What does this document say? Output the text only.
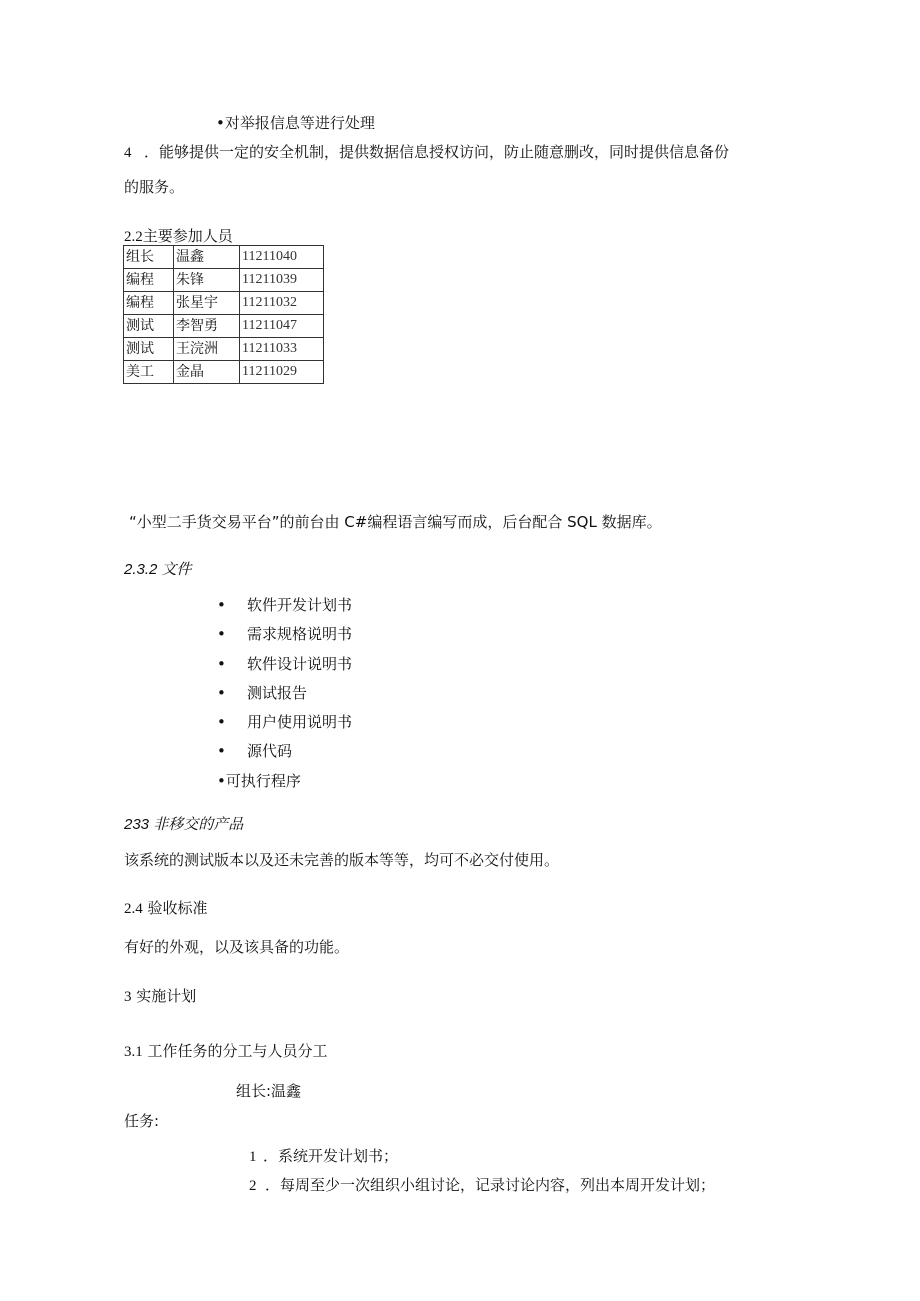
•对举报信息等进行处理
4 ．能够提供一定的安全机制，提供数据信息授权访问，防止随意删改，同时提供信息备份
的服务。
2.2主要参加人员
组长	温鑫	11211040
编程	朱锋	11211039
编程	张星宇	11211032
测试	李智勇	11211047
测试	王浣洲	11211033
美工	金晶	11211029
“小型二手货交易平台”的前台由 C#编程语言编写而成，后台配合 SQL 数据库。
2.3.2 文件
• 软件开发计划书
• 需求规格说明书
• 软件设计说明书
• 测试报告
• 用户使用说明书
• 源代码
•可执行程序
233 非移交的产品
该系统的测试版本以及还未完善的版本等等，均可不必交付使用。
2.4 验收标准
有好的外观，以及该具备的功能。
3 实施计划
3.1 工作任务的分工与人员分工
组长:温鑫
任务:
1 ．系统开发计划书；
2 ．每周至少一次组织小组讨论，记录讨论内容，列出本周开发计划；
